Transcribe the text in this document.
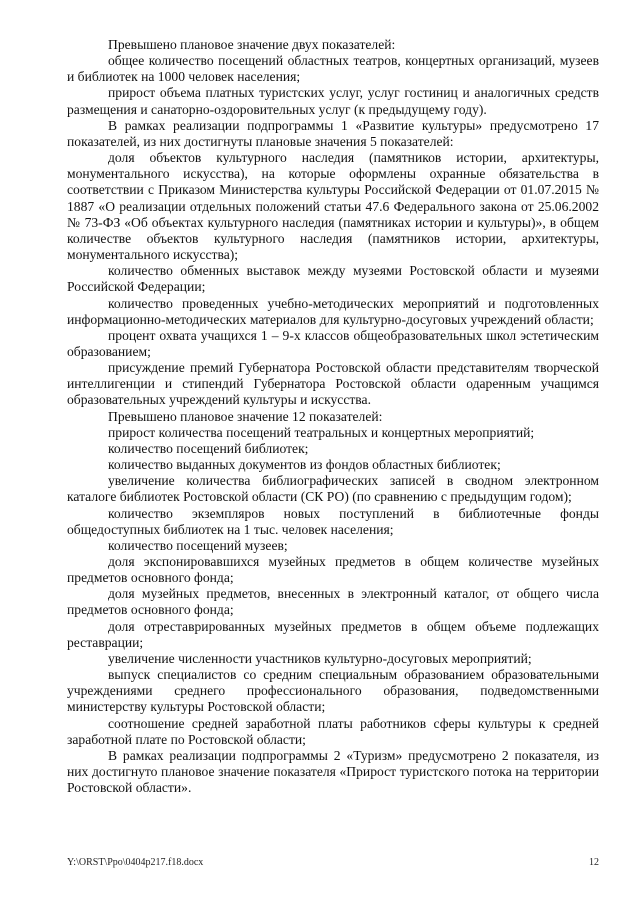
Превышено плановое значение двух показателей:

общее количество посещений областных театров, концертных организаций, музеев и библиотек на 1000 человек населения;

прирост объема платных туристских услуг, услуг гостиниц и аналогичных средств размещения и санаторно-оздоровительных услуг (к предыдущему году).

В рамках реализации подпрограммы 1 «Развитие культуры» предусмотрено 17 показателей, из них достигнуты плановые значения 5 показателей:

доля объектов культурного наследия (памятников истории, архитектуры, монументального искусства), на которые оформлены охранные обязательства в соответствии с Приказом Министерства культуры Российской Федерации от 01.07.2015 № 1887 «О реализации отдельных положений статьи 47.6 Федерального закона от 25.06.2002 № 73-ФЗ «Об объектах культурного наследия (памятниках истории и культуры)», в общем количестве объектов культурного наследия (памятников истории, архитектуры, монументального искусства);

количество обменных выставок между музеями Ростовской области и музеями Российской Федерации;

количество проведенных учебно-методических мероприятий и подготовленных информационно-методических материалов для культурно-досуговых учреждений области;

процент охвата учащихся 1 – 9-х классов общеобразовательных школ эстетическим образованием;

присуждение премий Губернатора Ростовской области представителям творческой интеллигенции и стипендий Губернатора Ростовской области одаренным учащимся образовательных учреждений культуры и искусства.

Превышено плановое значение 12 показателей:

прирост количества посещений театральных и концертных мероприятий;

количество посещений библиотек;

количество выданных документов из фондов областных библиотек;

увеличение количества библиографических записей в сводном электронном каталоге библиотек Ростовской области (СК РО) (по сравнению с предыдущим годом);

количество экземпляров новых поступлений в библиотечные фонды общедоступных библиотек на 1 тыс. человек населения;

количество посещений музеев;

доля экспонировавшихся музейных предметов в общем количестве музейных предметов основного фонда;

доля музейных предметов, внесенных в электронный каталог, от общего числа предметов основного фонда;

доля отреставрированных музейных предметов в общем объеме подлежащих реставрации;

увеличение численности участников культурно-досуговых мероприятий;

выпуск специалистов со средним специальным образованием образовательными учреждениями среднего профессионального образования, подведомственными министерству культуры Ростовской области;

соотношение средней заработной платы работников сферы культуры к средней заработной плате по Ростовской области;

В рамках реализации подпрограммы 2 «Туризм» предусмотрено 2 показателя, из них достигнуто плановое значение показателя «Прирост туристского потока на территории Ростовской области».

Y:\ORST\Ppo\0404p217.f18.docx	12
